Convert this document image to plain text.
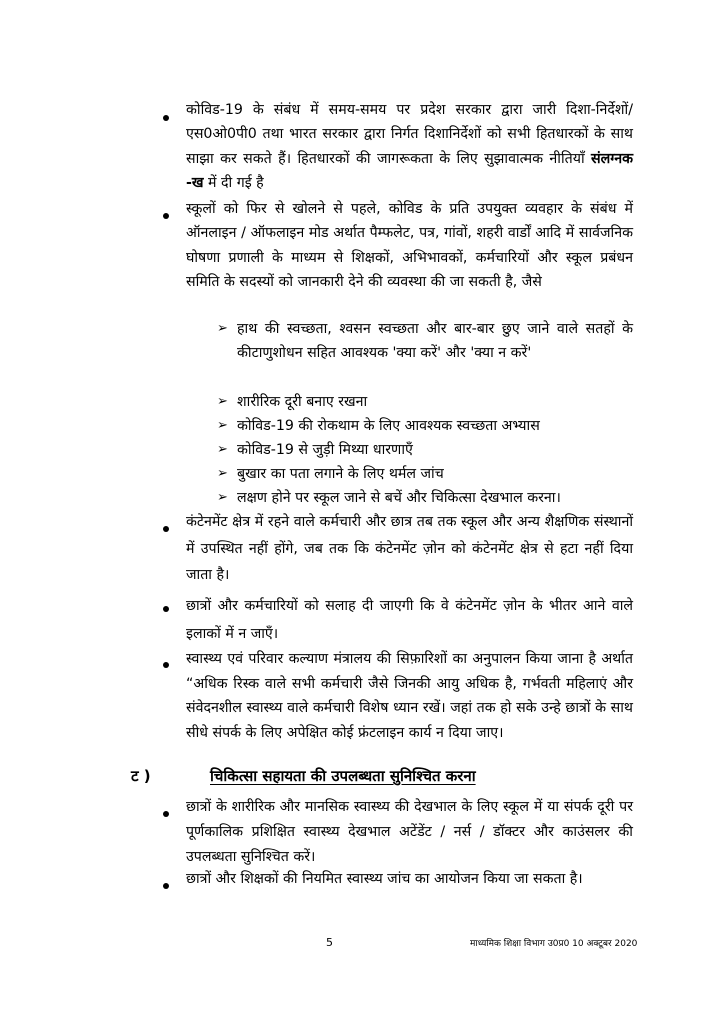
कोविड-19 के संबंध में समय-समय पर प्रदेश सरकार द्वारा जारी दिशा-निर्देशों/एस0ओ0पी0 तथा भारत सरकार द्वारा निर्गत दिशानिर्देशों को सभी हितधारकों के साथ साझा कर सकते हैं। हितधारकों की जागरूकता के लिए सुझावात्मक नीतियाँ संलग्नक -ख में दी गई है
स्कूलों को फिर से खोलने से पहले, कोविड के प्रति उपयुक्त व्यवहार के संबंध में ऑनलाइन / ऑफलाइन मोड अर्थात पैम्फलेट, पत्र, गांवों, शहरी वार्डों आदि में सार्वजनिक घोषणा प्रणाली के माध्यम से शिक्षकों, अभिभावकों, कर्मचारियों और स्कूल प्रबंधन समिति के सदस्यों को जानकारी देने की व्यवस्था की जा सकती है, जैसे
➢ हाथ की स्वच्छता, श्वसन स्वच्छता और बार-बार छुए जाने वाले सतहों के कीटाणुशोधन सहित आवश्यक 'क्या करें' और 'क्या न करें'
➢ शारीरिक दूरी बनाए रखना
➢ कोविड-19 की रोकथाम के लिए आवश्यक स्वच्छता अभ्यास
➢ कोविड-19 से जुड़ी मिथ्या धारणाएँ
➢ बुखार का पता लगाने के लिए थर्मल जांच
➢ लक्षण होने पर स्कूल जाने से बचें और चिकित्सा देखभाल करना।
कंटेनमेंट क्षेत्र में रहने वाले कर्मचारी और छात्र तब तक स्कूल और अन्य शैक्षणिक संस्थानों में उपस्थित नहीं होंगे, जब तक कि कंटेनमेंट ज़ोन को कंटेनमेंट क्षेत्र से हटा नहीं दिया जाता है।
छात्रों और कर्मचारियों को सलाह दी जाएगी कि वे कंटेनमेंट ज़ोन के भीतर आने वाले इलाकों में न जाएँ।
स्वास्थ्य एवं परिवार कल्याण मंत्रालय की सिफ़ारिशों का अनुपालन किया जाना है अर्थात “अधिक रिस्क वाले सभी कर्मचारी जैसे जिनकी आयु अधिक है, गर्भवती महिलाएं और संवेदनशील स्वास्थ्य वाले कर्मचारी विशेष ध्यान रखें। जहां तक हो सके उन्हे छात्रों के साथ सीधे संपर्क के लिए अपेक्षित कोई फ्रंटलाइन कार्य न दिया जाए।
ट )	चिकित्सा सहायता की उपलब्धता सुनिश्चित करना
छात्रों के शारीरिक और मानसिक स्वास्थ्य की देखभाल के लिए स्कूल में या संपर्क दूरी पर पूर्णकालिक प्रशिक्षित स्वास्थ्य देखभाल अटेंडेंट / नर्स / डॉक्टर और काउंसलर की उपलब्धता सुनिश्चित करें।
छात्रों और शिक्षकों की नियमित स्वास्थ्य जांच का आयोजन किया जा सकता है।
5	माध्यमिक शिक्षा विभाग उ0प्र0 10 अक्टूबर 2020
